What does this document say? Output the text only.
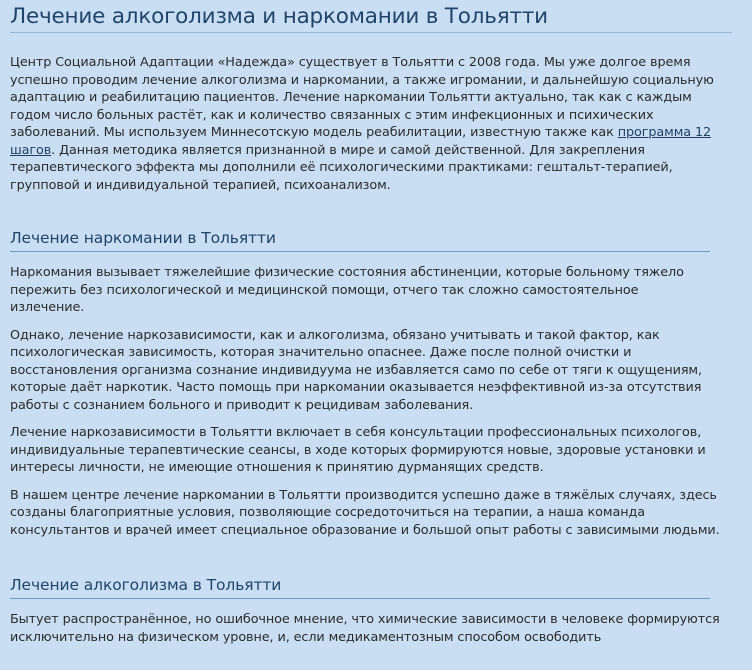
Лечение алкоголизма и наркомании в Тольятти

Центр Социальной Адаптации «Надежда» существует в Тольятти с 2008 года. Мы уже долгое время успешно проводим лечение алкоголизма и наркомании, а также игромании, и дальнейшую социальную адаптацию и реабилитацию пациентов. Лечение наркомании Тольятти актуально, так как с каждым годом число больных растёт, как и количество связанных с этим инфекционных и психических заболеваний. Мы используем Миннесотскую модель реабилитации, известную также как программа 12 шагов. Данная методика является признанной в мире и самой действенной. Для закрепления терапевтического эффекта мы дополнили её психологическими практиками: гештальт-терапией, групповой и индивидуальной терапией, психоанализом.

Лечение наркомании в Тольятти

Наркомания вызывает тяжелейшие физические состояния абстиненции, которые больному тяжело пережить без психологической и медицинской помощи, отчего так сложно самостоятельное излечение.

Однако, лечение наркозависимости, как и алкоголизма, обязано учитывать и такой фактор, как психологическая зависимость, которая значительно опаснее. Даже после полной очистки и восстановления организма сознание индивидуума не избавляется само по себе от тяги к ощущениям, которые даёт наркотик. Часто помощь при наркомании оказывается неэффективной из-за отсутствия работы с сознанием больного и приводит к рецидивам заболевания.

Лечение наркозависимости в Тольятти включает в себя консультации профессиональных психологов, индивидуальные терапевтические сеансы, в ходе которых формируются новые, здоровые установки и интересы личности, не имеющие отношения к принятию дурманящих средств.

В нашем центре лечение наркомании в Тольятти производится успешно даже в тяжёлых случаях, здесь созданы благоприятные условия, позволяющие сосредоточиться на терапии, а наша команда консультантов и врачей имеет специальное образование и большой опыт работы с зависимыми людьми.

Лечение алкоголизма в Тольятти

Бытует распространённое, но ошибочное мнение, что химические зависимости в человеке формируются исключительно на физическом уровне, и, если медикаментозным способом освободить
